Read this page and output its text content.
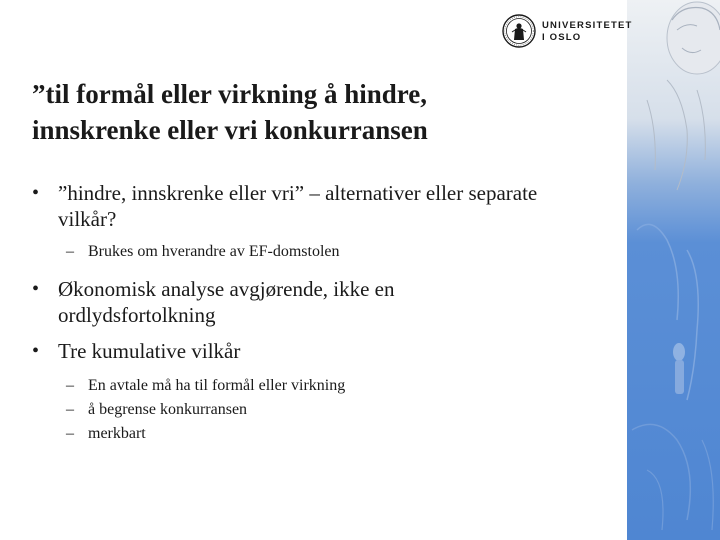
UNIVERSITETET
I OSLO
”til formål eller virkning å hindre,
innskrenke eller vri konkurransen
• ”hindre, innskrenke eller vri” – alternativer eller separate
vilkår?
– Brukes om hverandre av EF-domstolen
• Økonomisk analyse avgjørende, ikke en
ordlydsfortolkning
• Tre kumulative vilkår
– En avtale må ha til formål eller virkning
– å begrense konkurransen
– merkbart
